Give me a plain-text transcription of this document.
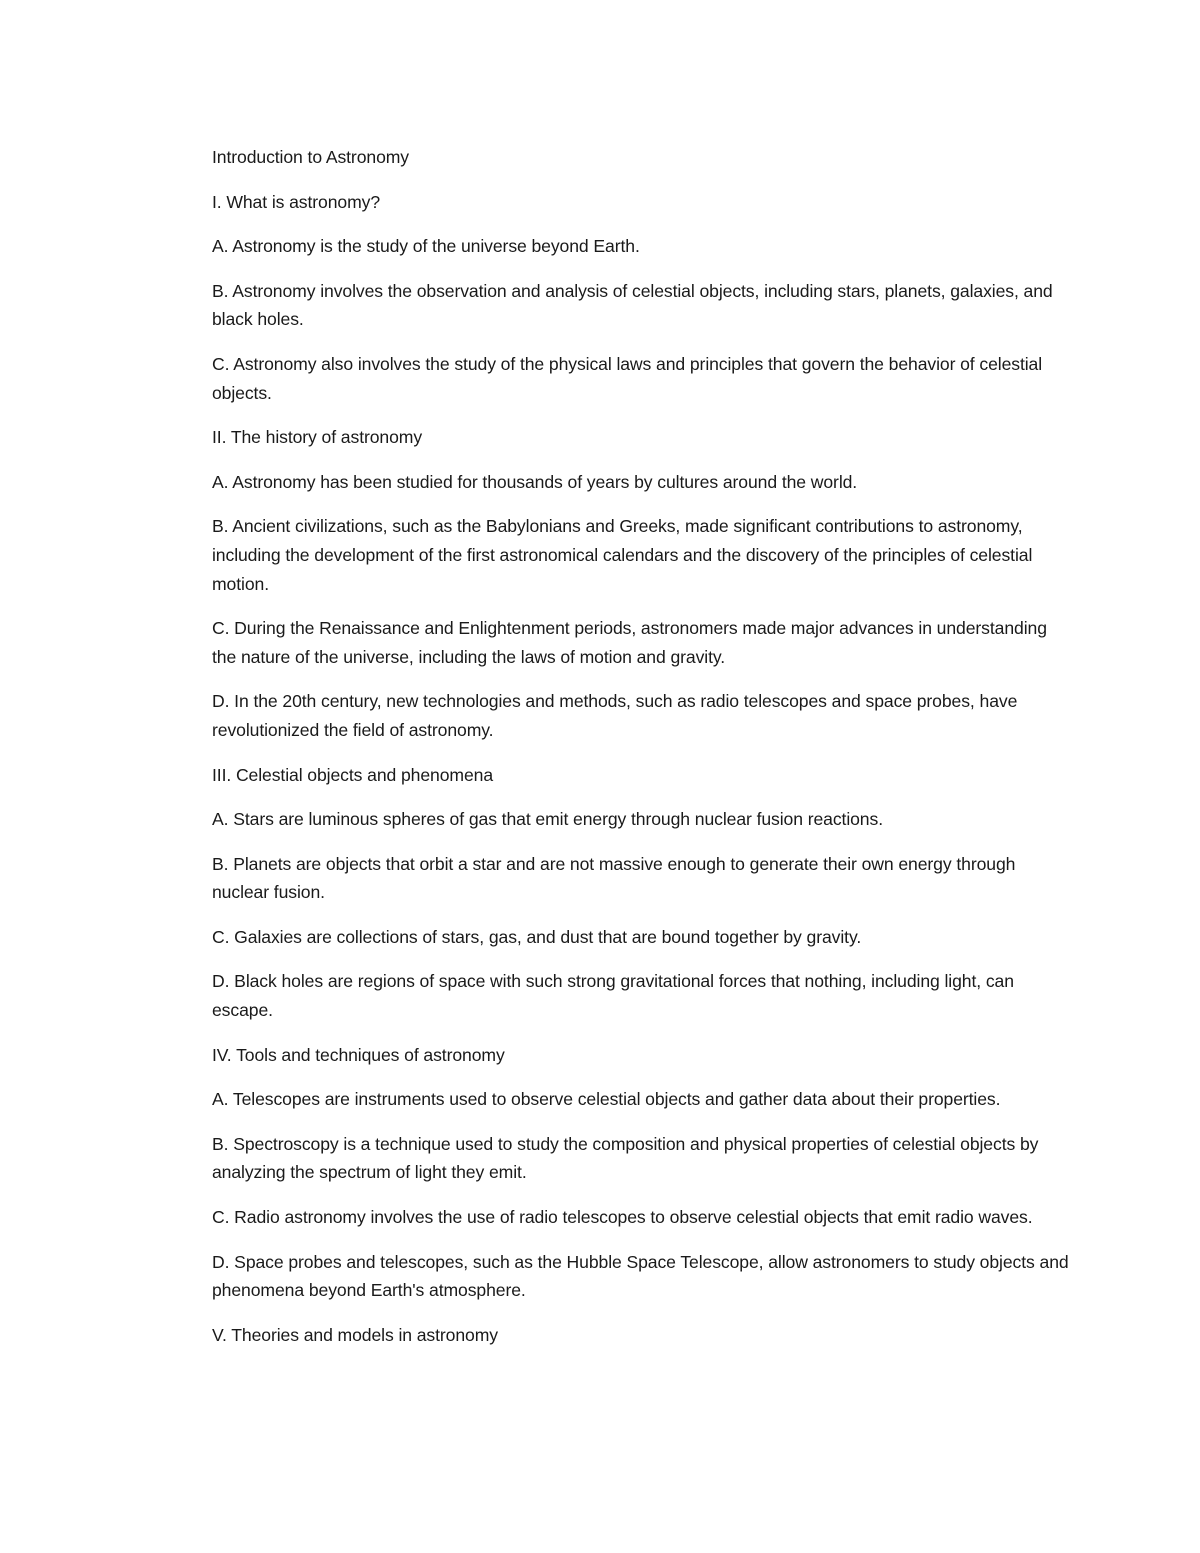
Introduction to Astronomy

I. What is astronomy?

A. Astronomy is the study of the universe beyond Earth.

B. Astronomy involves the observation and analysis of celestial objects, including stars, planets, galaxies, and black holes.

C. Astronomy also involves the study of the physical laws and principles that govern the behavior of celestial objects.

II. The history of astronomy

A. Astronomy has been studied for thousands of years by cultures around the world.

B. Ancient civilizations, such as the Babylonians and Greeks, made significant contributions to astronomy, including the development of the first astronomical calendars and the discovery of the principles of celestial motion.

C. During the Renaissance and Enlightenment periods, astronomers made major advances in understanding the nature of the universe, including the laws of motion and gravity.

D. In the 20th century, new technologies and methods, such as radio telescopes and space probes, have revolutionized the field of astronomy.

III. Celestial objects and phenomena

A. Stars are luminous spheres of gas that emit energy through nuclear fusion reactions.

B. Planets are objects that orbit a star and are not massive enough to generate their own energy through nuclear fusion.

C. Galaxies are collections of stars, gas, and dust that are bound together by gravity.

D. Black holes are regions of space with such strong gravitational forces that nothing, including light, can escape.

IV. Tools and techniques of astronomy

A. Telescopes are instruments used to observe celestial objects and gather data about their properties.

B. Spectroscopy is a technique used to study the composition and physical properties of celestial objects by analyzing the spectrum of light they emit.

C. Radio astronomy involves the use of radio telescopes to observe celestial objects that emit radio waves.

D. Space probes and telescopes, such as the Hubble Space Telescope, allow astronomers to study objects and phenomena beyond Earth's atmosphere.

V. Theories and models in astronomy
